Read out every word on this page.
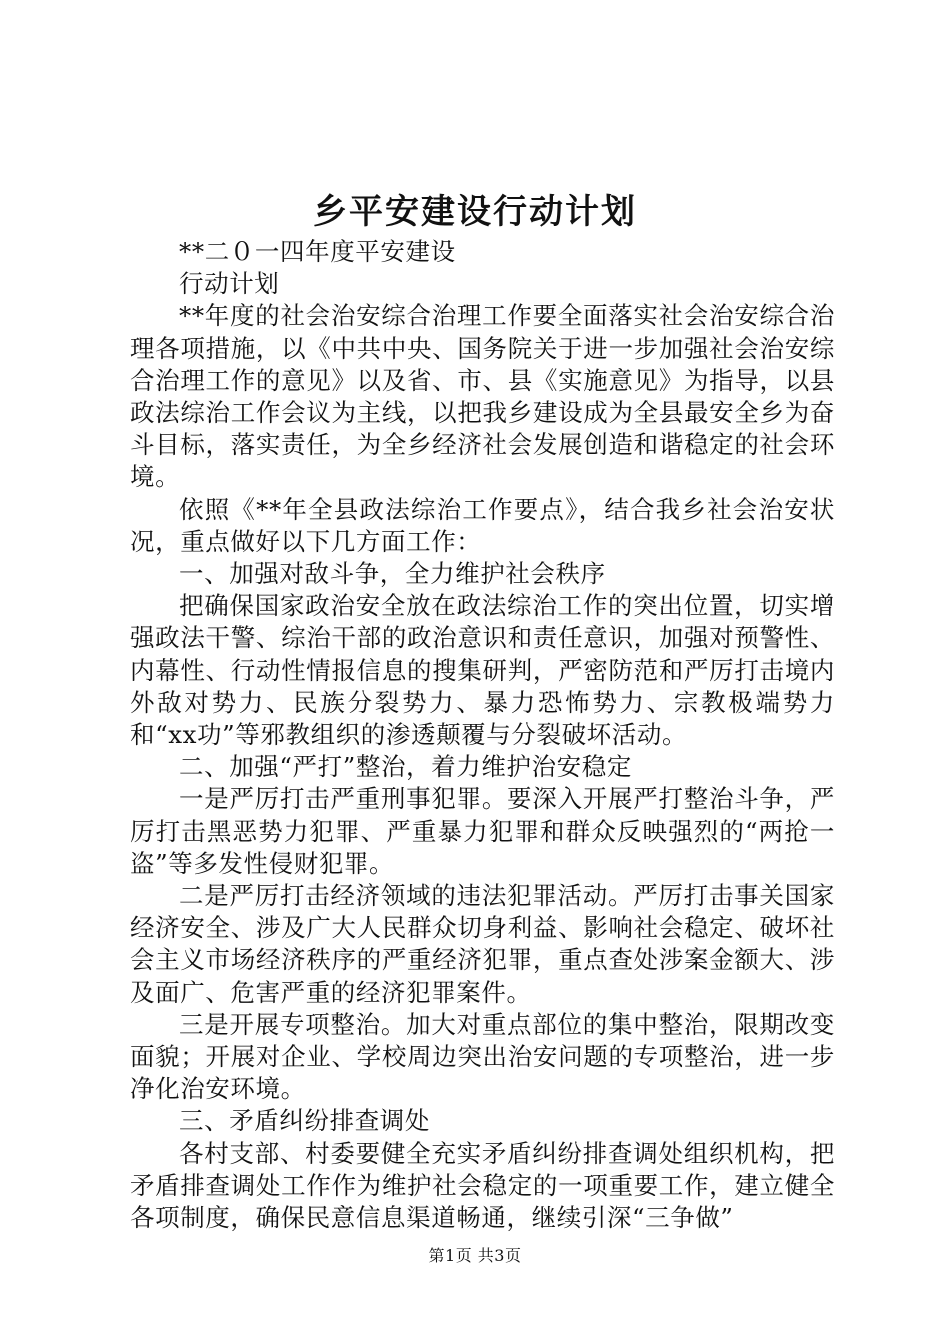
乡平安建设行动计划

**二０一四年度平安建设

行动计划

**年度的社会治安综合治理工作要全面落实社会治安综合治理各项措施，以《中共中央、国务院关于进一步加强社会治安综合治理工作的意见》以及省、市、县《实施意见》为指导，以县政法综治工作会议为主线，以把我乡建设成为全县最安全乡为奋斗目标，落实责任，为全乡经济社会发展创造和谐稳定的社会环境。

依照《**年全县政法综治工作要点》，结合我乡社会治安状况，重点做好以下几方面工作：

一、加强对敌斗争，全力维护社会秩序

把确保国家政治安全放在政法综治工作的突出位置，切实增强政法干警、综治干部的政治意识和责任意识，加强对预警性、内幕性、行动性情报信息的搜集研判，严密防范和严厉打击境内外敌对势力、民族分裂势力、暴力恐怖势力、宗教极端势力和“xx功”等邪教组织的渗透颠覆与分裂破坏活动。

二、加强“严打”整治，着力维护治安稳定

一是严厉打击严重刑事犯罪。要深入开展严打整治斗争，严厉打击黑恶势力犯罪、严重暴力犯罪和群众反映强烈的“两抢一盗”等多发性侵财犯罪。

二是严厉打击经济领域的违法犯罪活动。严厉打击事关国家经济安全、涉及广大人民群众切身利益、影响社会稳定、破坏社会主义市场经济秩序的严重经济犯罪，重点查处涉案金额大、涉及面广、危害严重的经济犯罪案件。

三是开展专项整治。加大对重点部位的集中整治，限期改变面貌；开展对企业、学校周边突出治安问题的专项整治，进一步净化治安环境。

三、矛盾纠纷排查调处

各村支部、村委要健全充实矛盾纠纷排查调处组织机构，把矛盾排查调处工作作为维护社会稳定的一项重要工作，建立健全各项制度，确保民意信息渠道畅通，继续引深“三争做”

第1页 共3页
